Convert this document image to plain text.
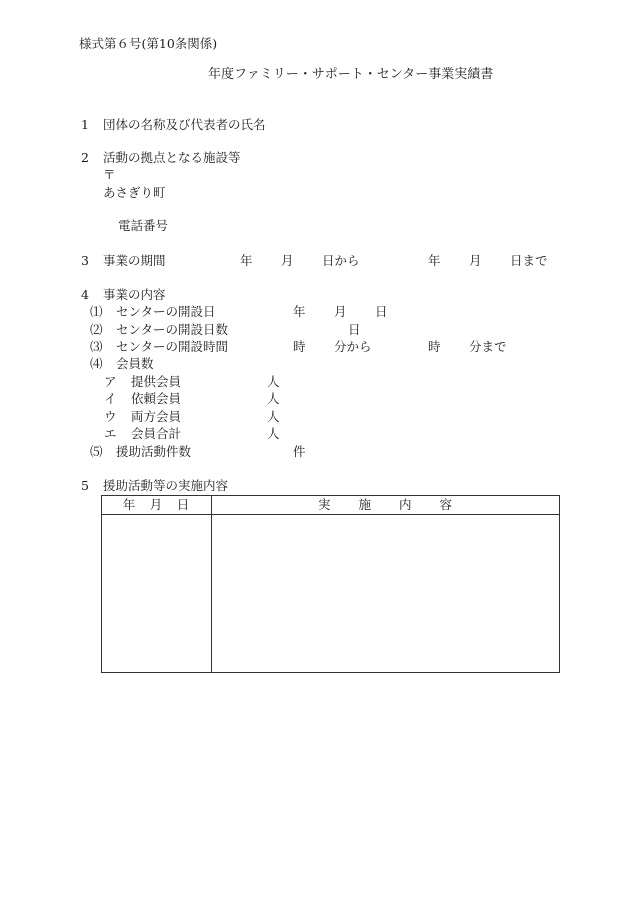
様式第６号(第10条関係)
年度ファミリー・サポート・センター事業実績書
1 団体の名称及び代表者の氏名
2 活動の拠点となる施設等
〒
あさぎり町
電話番号
3 事業の期間	年 月 日から	年 月 日まで
4 事業の内容
⑴ センターの開設日	年 月 日
⑵ センターの開設日数	日
⑶ センターの開設時間	時 分から	時 分まで
⑷ 会員数
ア 提供会員	人
イ 依頼会員	人
ウ 両方会員	人
エ 会員合計	人
⑸ 援助活動件数	件
5 援助活動等の実施内容
年　月　日	実　　施　　内　　容
